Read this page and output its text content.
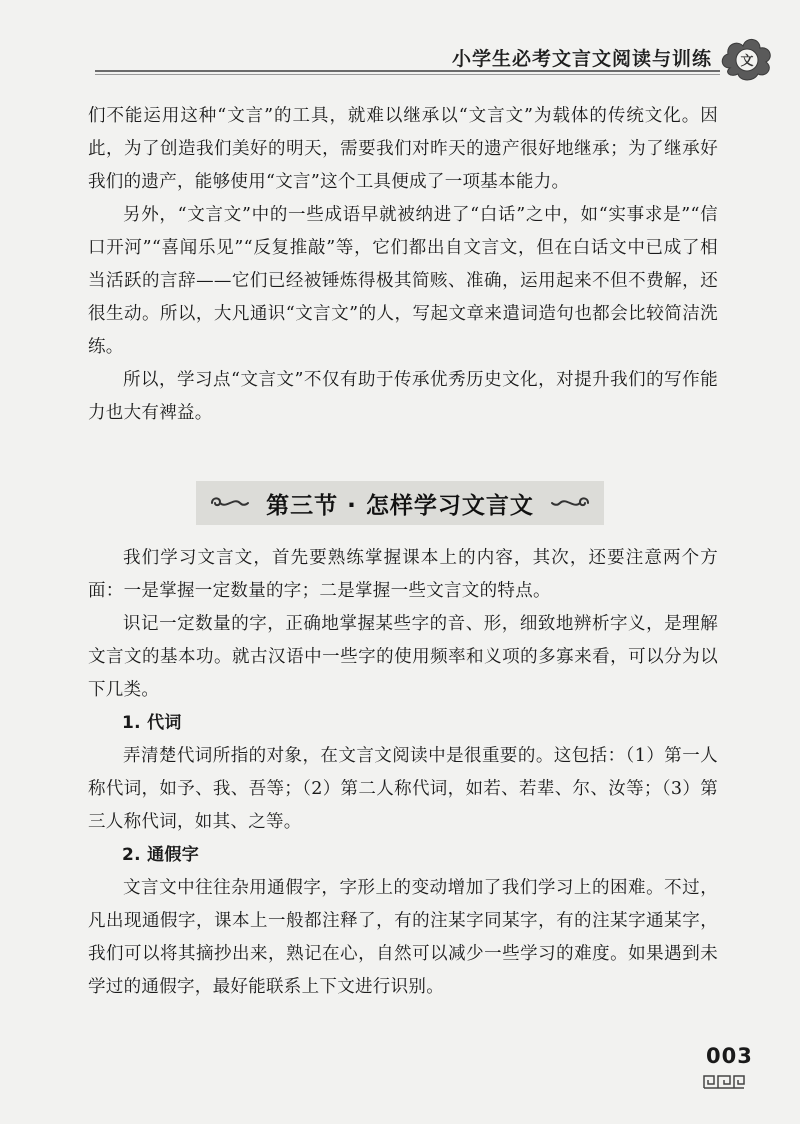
小学生必考文言文阅读与训练 文

们不能运用这种“文言”的工具，就难以继承以“文言文”为载体的传统文化。因此，为了创造我们美好的明天，需要我们对昨天的遗产很好地继承；为了继承好我们的遗产，能够使用“文言”这个工具便成了一项基本能力。

另外，“文言文”中的一些成语早就被纳进了“白话”之中，如“实事求是”“信口开河”“喜闻乐见”“反复推敲”等，它们都出自文言文，但在白话文中已成了相当活跃的言辞——它们已经被锤炼得极其简赅、准确，运用起来不但不费解，还很生动。所以，大凡通识“文言文”的人，写起文章来遣词造句也都会比较简洁洗练。

所以，学习点“文言文”不仅有助于传承优秀历史文化，对提升我们的写作能力也大有裨益。

第三节 · 怎样学习文言文

我们学习文言文，首先要熟练掌握课本上的内容，其次，还要注意两个方面：一是掌握一定数量的字；二是掌握一些文言文的特点。

识记一定数量的字，正确地掌握某些字的音、形，细致地辨析字义，是理解文言文的基本功。就古汉语中一些字的使用频率和义项的多寡来看，可以分为以下几类。

1. 代词

弄清楚代词所指的对象，在文言文阅读中是很重要的。这包括：（1）第一人称代词，如予、我、吾等；（2）第二人称代词，如若、若辈、尔、汝等；（3）第三人称代词，如其、之等。

2. 通假字

文言文中往往杂用通假字，字形上的变动增加了我们学习上的困难。不过，凡出现通假字，课本上一般都注释了，有的注某字同某字，有的注某字通某字，我们可以将其摘抄出来，熟记在心，自然可以减少一些学习的难度。如果遇到未学过的通假字，最好能联系上下文进行识别。

003
